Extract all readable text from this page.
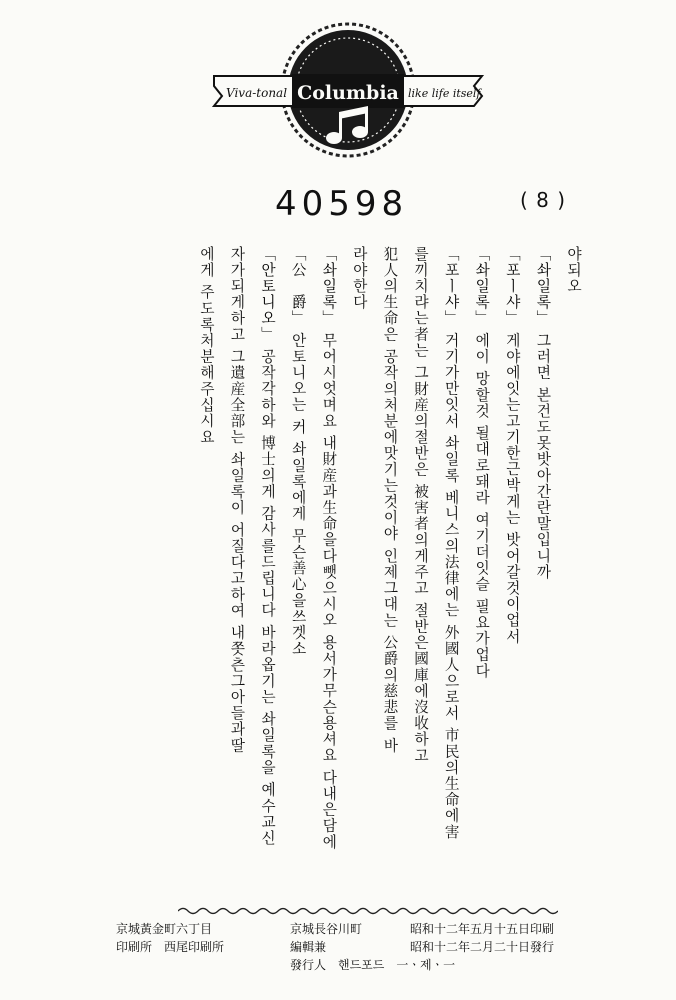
Columbia
Viva-tonal	like life itself
40598	( 8 )
야되오
「솨일록」그러면 본건도못밧아간란말입니까
「포ㅣ샤」게야에잇는고기한근박게는 밧어갈것이업서
「솨일록」에이 망할것 될대로돼라 여기더잇슬 필요가업다
「포ㅣ샤」거기가만잇서 솨일록 베니스의法律에는 外國人으로서 市民의生命에害
를끼치랴는者는 그財産의절반은 被害者의게주고 절반은國庫에沒收하고
犯人의生命은 공작의처분에맛기는것이야 인제그대는 公爵의慈悲를 바
라야한다
「솨일록」무어시엇며요 내財産과生命을다뺏으시오 용서가무슨용셔요 다내은담에
「公　爵」안토니오는 커 솨일록에게 무슨善心을쓰겟소
「안토니오」공작각하와 博士의게 감사를드립니다 바라옵기는 솨일록을 예수교신
자가되게하고 그遺産全部는 솨일록이 어질다고하여 내쫏츤그아들과딸
에게 주도록처분해주십시요
京城黃金町六丁目
印刷所　西尾印刷所
京城長谷川町
編輯兼
發行人　핸드포드　一ㆍ제ㆍ一
昭和十二年五月十五日印刷
昭和十二年二月二十日發行
